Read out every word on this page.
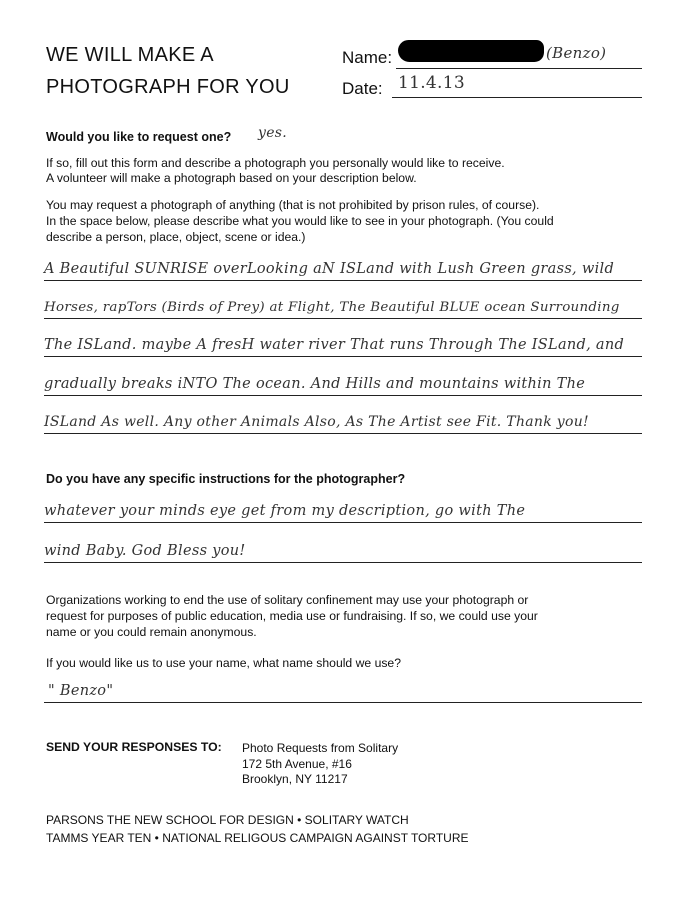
WE WILL MAKE A
PHOTOGRAPH FOR YOU
Name:	(Benzo)
Date: 11.4.13
Would you like to request one? yes.
If so, fill out this form and describe a photograph you personally would like to receive.
A volunteer will make a photograph based on your description below.
You may request a photograph of anything (that is not prohibited by prison rules, of course).
In the space below, please describe what you would like to see in your photograph. (You could
describe a person, place, object, scene or idea.)
A Beautiful SUNRISE overLooking aN ISLand with Lush Green grass, wild
Horses, rapTors (Birds of Prey) at Flight, The Beautiful BLUE ocean Surrounding
The ISLand. maybe A fresH water river That runs Through The ISLand, and
gradually breaks iNTO The ocean. And Hills and mountains within The
ISLand As well. Any other Animals Also, As The Artist see Fit. Thank you!
Do you have any specific instructions for the photographer?
whatever your minds eye get from my description, go with The
wind Baby. God Bless you!
Organizations working to end the use of solitary confinement may use your photograph or
request for purposes of public education, media use or fundraising. If so, we could use your
name or you could remain anonymous.
If you would like us to use your name, what name should we use?
" Benzo"
SEND YOUR RESPONSES TO: Photo Requests from Solitary
172 5th Avenue, #16
Brooklyn, NY 11217
PARSONS THE NEW SCHOOL FOR DESIGN • SOLITARY WATCH
TAMMS YEAR TEN • NATIONAL RELIGOUS CAMPAIGN AGAINST TORTURE
